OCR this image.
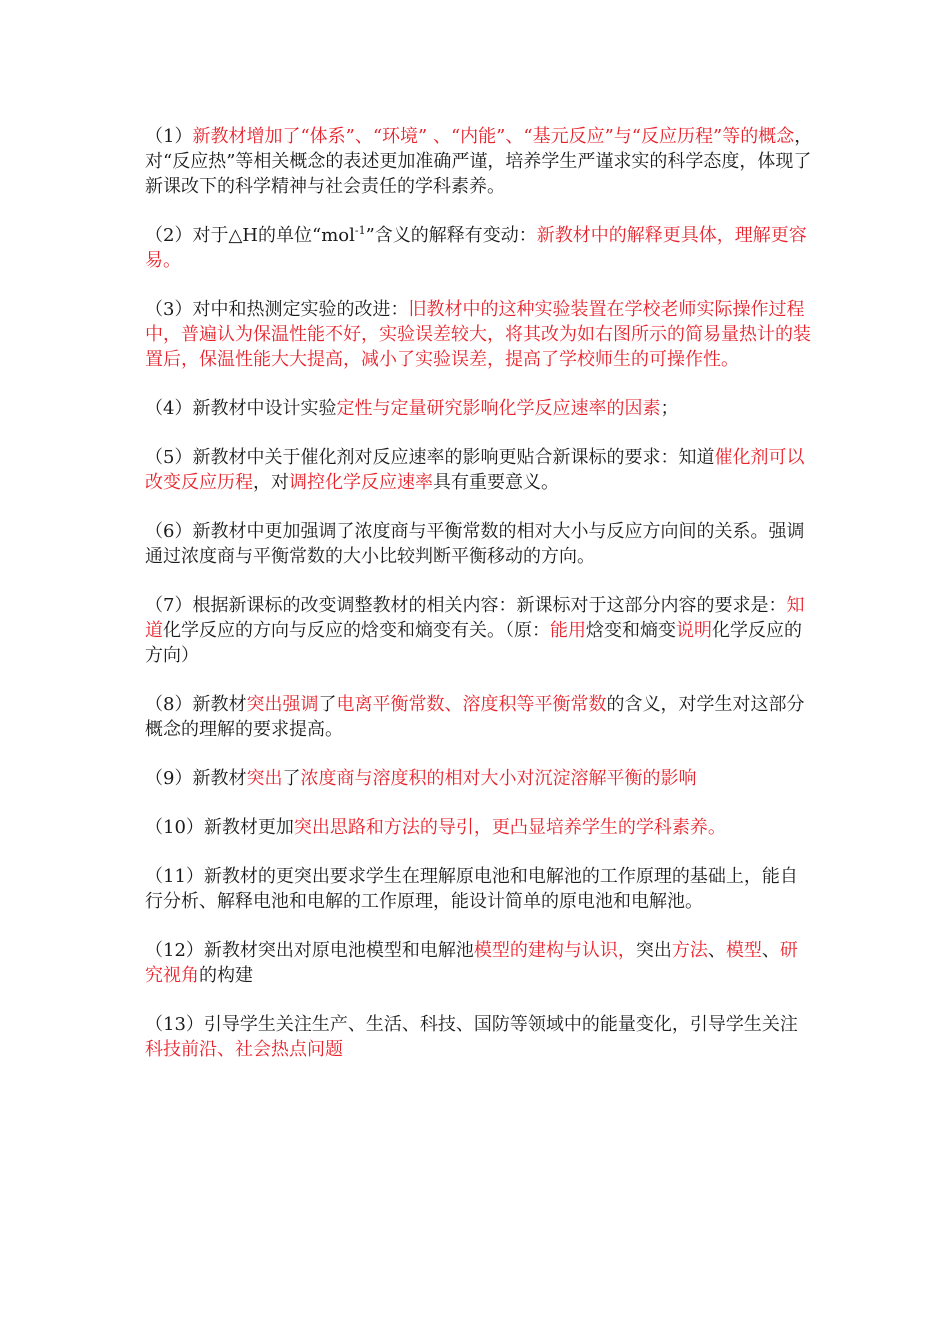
（1）新教材增加了“体系”、“环境” 、“内能”、“基元反应”与“反应历程”等的概念，对“反应热”等相关概念的表述更加准确严谨，培养学生严谨求实的科学态度，体现了新课改下的科学精神与社会责任的学科素养。

（2）对于△H的单位“mol$^{-1}$”含义的解释有变动：新教材中的解释更具体，理解更容易。

（3）对中和热测定实验的改进：旧教材中的这种实验装置在学校老师实际操作过程中，普遍认为保温性能不好，实验误差较大，将其改为如右图所示的简易量热计的装置后，保温性能大大提高，减小了实验误差，提高了学校师生的可操作性。

（4）新教材中设计实验定性与定量研究影响化学反应速率的因素；

（5）新教材中关于催化剂对反应速率的影响更贴合新课标的要求：知道催化剂可以改变反应历程，对调控化学反应速率具有重要意义。

（6）新教材中更加强调了浓度商与平衡常数的相对大小与反应方向间的关系。强调通过浓度商与平衡常数的大小比较判断平衡移动的方向。

（7）根据新课标的改变调整教材的相关内容：新课标对于这部分内容的要求是：知道化学反应的方向与反应的焓变和熵变有关。（原：能用焓变和熵变说明化学反应的方向）

（8）新教材突出强调了电离平衡常数、溶度积等平衡常数的含义，对学生对这部分概念的理解的要求提高。

（9）新教材突出了浓度商与溶度积的相对大小对沉淀溶解平衡的影响

（10）新教材更加突出思路和方法的导引，更凸显培养学生的学科素养。

（11）新教材的更突出要求学生在理解原电池和电解池的工作原理的基础上，能自行分析、解释电池和电解的工作原理，能设计简单的原电池和电解池。

（12）新教材突出对原电池模型和电解池模型的建构与认识，突出方法、模型、研究视角的构建

（13）引导学生关注生产、生活、科技、国防等领域中的能量变化，引导学生关注科技前沿、社会热点问题
